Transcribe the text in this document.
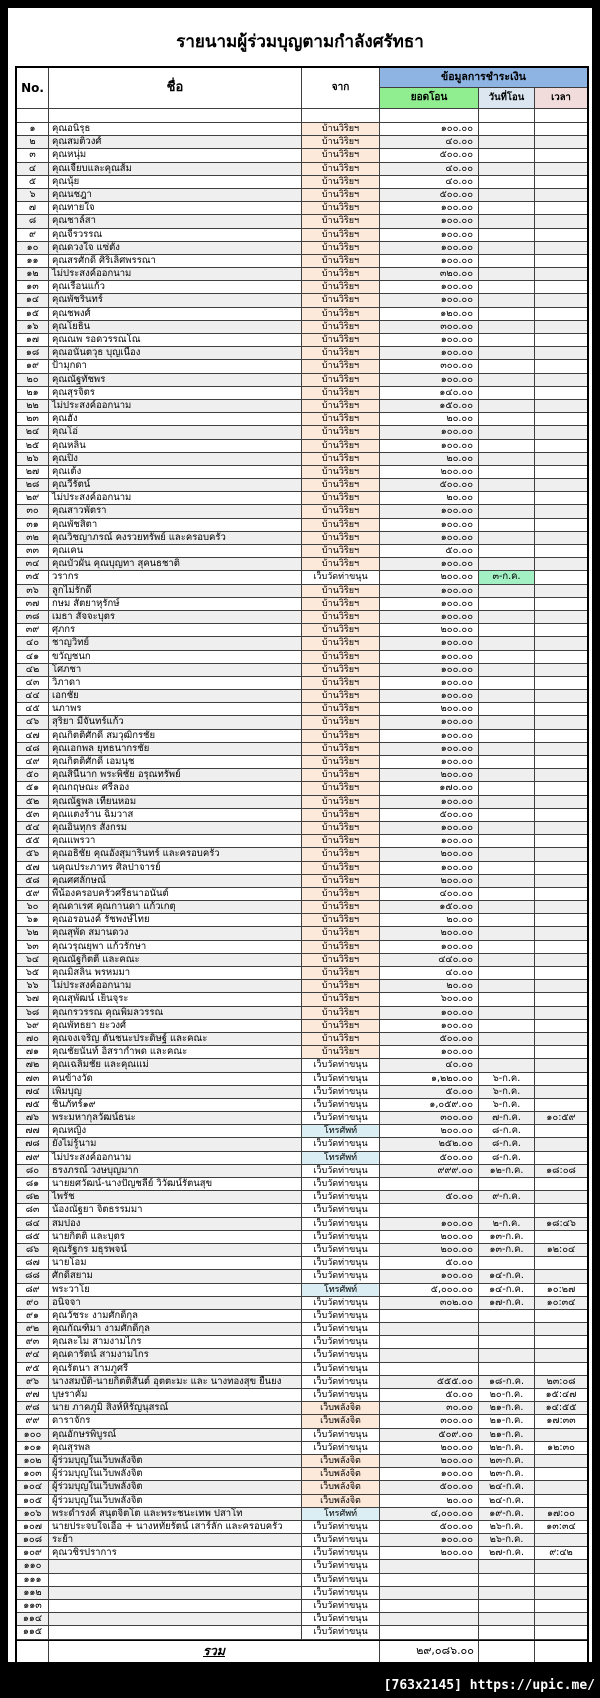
รายนามผู้ร่วมบุญตามกำลังศรัทธา
No.	ชื่อ	จาก
ข้อมูลการชำระเงิน
ยอดโอน	วันที่โอน	เวลา
๑	คุณอนิรุธ	บ้านวิริยฯ	๑๐๐.๐๐
๒	คุณสมติ๋วงศ์	บ้านวิริยฯ	๔๐.๐๐
๓	คุณหนุ่ม	บ้านวิริยฯ	๕๐๐.๐๐
๔	คุณเจี๊ยบและคุณส้ม	บ้านวิริยฯ	๔๐.๐๐
๕	คุณนุ้ย	บ้านวิริยฯ	๔๐.๐๐
๖	คุณนชฎา	บ้านวิริยฯ	๕๐๐.๐๐
๗	คุณทายใจ	บ้านวิริยฯ	๑๐๐.๐๐
๘	คุณชาล์สา	บ้านวิริยฯ	๑๐๐.๐๐
๙	คุณจีรวรรณ	บ้านวิริยฯ	๑๐๐.๐๐
๑๐	คุณดวงใจ แซ่ตั้ง	บ้านวิริยฯ	๑๐๐.๐๐
๑๑	คุณสรศักดิ์ ศิริเลิศพรรณา	บ้านวิริยฯ	๑๐๐.๐๐
๑๒	ไม่ประสงค์ออกนาม	บ้านวิริยฯ	๓๒๐.๐๐
๑๓	คุณเรือนแก้ว	บ้านวิริยฯ	๑๐๐.๐๐
๑๔	คุณพัชรินทร์	บ้านวิริยฯ	๑๐๐.๐๐
๑๕	คุณชพงศ์	บ้านวิริยฯ	๑๒๐.๐๐
๑๖	คุณโยธิน	บ้านวิริยฯ	๓๐๐.๐๐
๑๗	คุณณพ รอดวรรณโณ	บ้านวิริยฯ	๑๐๐.๐๐
๑๘	คุณอนันตวุธ บุญเนื่อง	บ้านวิริยฯ	๑๐๐.๐๐
๑๙	ป้ามุกดา	บ้านวิริยฯ	๓๐๐.๐๐
๒๐	คุณณัฐทัชพร	บ้านวิริยฯ	๑๐๐.๐๐
๒๑	คุณสุรจิตร	บ้านวิริยฯ	๑๔๐.๐๐
๒๒	ไม่ประสงค์ออกนาม	บ้านวิริยฯ	๑๕๐.๐๐
๒๓	คุณฮั้ง	บ้านวิริยฯ	๒๐.๐๐
๒๔	คุณโอ่	บ้านวิริยฯ	๑๐๐.๐๐
๒๕	คุณหลิน	บ้านวิริยฯ	๑๐๐.๐๐
๒๖	คุณปิ้ง	บ้านวิริยฯ	๒๐.๐๐
๒๗	คุณเต้ง	บ้านวิริยฯ	๒๐๐.๐๐
๒๘	คุณวีรัตน์	บ้านวิริยฯ	๕๐๐.๐๐
๒๙	ไม่ประสงค์ออกนาม	บ้านวิริยฯ	๒๐.๐๐
๓๐	คุณสาวพัตรา	บ้านวิริยฯ	๑๐๐.๐๐
๓๑	คุณพัชสิตา	บ้านวิริยฯ	๑๐๐.๐๐
๓๒	คุณวิชญาภรณ์ คงรวยทรัพย์ และครอบครัว	บ้านวิริยฯ	๑๐๐.๐๐
๓๓	คุณเคน	บ้านวิริยฯ	๕๐.๐๐
๓๔	คุณบัวผัน คุณบุญทา สุคนธชาติ	บ้านวิริยฯ	๑๐๐.๐๐
๓๕	วรากร	เว็บวัดท่าขนุน	๒๐๐.๐๐	๓-ก.ค.
๓๖	ลูกไม่รักดี	บ้านวิริยฯ	๑๐๐.๐๐
๓๗	กษม สัตยาหุรักษ์	บ้านวิริยฯ	๑๐๐.๐๐
๓๘	เมธา สัจจะบุตร	บ้านวิริยฯ	๑๐๐.๐๐
๓๙	ศุภกร	บ้านวิริยฯ	๒๐๐.๐๐
๔๐	ชาญวิทย์	บ้านวิริยฯ	๑๐๐.๐๐
๔๑	ขวัญชนก	บ้านวิริยฯ	๑๐๐.๐๐
๔๒	โศภชา	บ้านวิริยฯ	๑๐๐.๐๐
๔๓	วิภาดา	บ้านวิริยฯ	๑๐๐.๐๐
๔๔	เอกชัย	บ้านวิริยฯ	๑๐๐.๐๐
๔๕	นภาพร	บ้านวิริยฯ	๒๐๐.๐๐
๔๖	สุริยา มีจันทร์แก้ว	บ้านวิริยฯ	๑๐๐.๐๐
๔๗	คุณกิตติศักดิ์ สมวุฒิกรชัย	บ้านวิริยฯ	๑๐๐.๐๐
๔๘	คุณเอกพล ยุทธนากรชัย	บ้านวิริยฯ	๑๐๐.๐๐
๔๙	คุณกิตติศักดิ์ เอมนุช	บ้านวิริยฯ	๑๐๐.๐๐
๕๐	คุณสินีนาก พระพิชัย อรุณทรัพย์	บ้านวิริยฯ	๒๐๐.๐๐
๕๑	คุณกฤษณะ ศรีลอง	บ้านวิริยฯ	๑๗๐.๐๐
๕๒	คุณณัฐพล เทียนหอม	บ้านวิริยฯ	๑๐๐.๐๐
๕๓	คุณแตงร้าน ฉิมวาส	บ้านวิริยฯ	๕๐๐.๐๐
๕๔	คุณอินทุกร สังกรม	บ้านวิริยฯ	๑๐๐.๐๐
๕๕	คุณแพรวา	บ้านวิริยฯ	๑๐๐.๐๐
๕๖	คุณอธิชัย คุณอังสุมารินทร์ และครอบครัว	บ้านวิริยฯ	๒๐๐.๐๐
๕๗	นคุณประภาทร ศิลปาจารย์	บ้านวิริยฯ	๑๐๐.๐๐
๕๘	คุณศศลักษณ์	บ้านวิริยฯ	๒๐๐.๐๐
๕๙	พี่น้องครอบครัวศรีธนาอนันต์	บ้านวิริยฯ	๔๐๐.๐๐
๖๐	คุณดาเรศ คุณกานดา แก้วเกตุ	บ้านวิริยฯ	๑๕๐.๐๐
๖๑	คุณอรอนงค์ รัชพงษ์ไทย	บ้านวิริยฯ	๒๐.๐๐
๖๒	คุณสุพัด สมานดวง	บ้านวิริยฯ	๒๐๐.๐๐
๖๓	คุณวรุณยุพา แก้วรักษา	บ้านวิริยฯ	๑๐๐.๐๐
๖๔	คุณณัฐกิตติ์ และคณะ	บ้านวิริยฯ	๔๔๐.๐๐
๖๕	คุณมิสลิน พรหมมา	บ้านวิริยฯ	๔๐.๐๐
๖๖	ไม่ประสงค์ออกนาม	บ้านวิริยฯ	๒๐.๐๐
๖๗	คุณสุพัฒน์ เย็นจุระ	บ้านวิริยฯ	๖๐๐.๐๐
๖๘	คุณกรวรรณ คุณพิมลวรรณ	บ้านวิริยฯ	๑๐๐.๐๐
๖๙	คุณพัทธยา ยะวงศ์	บ้านวิริยฯ	๑๐๐.๐๐
๗๐	คุณจงเจริญ ตันชนะประดิษฐ์ และคณะ	บ้านวิริยฯ	๕๐๐.๐๐
๗๑	คุณชัยนันท์ อิสรากำพด และคณะ	บ้านวิริยฯ	๑๐๐.๐๐
๗๒	คุณเฉลิมชัย และคุณแม่	เว็บวัดท่าขนุน	๔๐.๐๐
๗๓	คนข้างวัด	เว็บวัดท่าขนุน	๑,๒๒๐.๐๐	๖-ก.ค.
๗๔	เพิ่มบุญ	เว็บวัดท่าขนุน	๕๐.๐๐	๖-ก.ค.
๗๕	ชิ้นภัทร์๑๙	เว็บวัดท่าขนุน	๑,๐๕๙.๐๐	๖-ก.ค.
๗๖	พระมหากุลวัฒน์ธนะ	เว็บวัดท่าขนุน	๓๐๐.๐๐	๗-ก.ค.	๑๐:๕๙
๗๗	คุณหญิง	โทรศัพท์	๒๐๐.๐๐	๘-ก.ค.
๗๘	ยังไม่รู้นาม	เว็บวัดท่าขนุน	๒๕๒.๐๐	๘-ก.ค.
๗๙	ไม่ประสงค์ออกนาม	โทรศัพท์	๕๐๐.๐๐	๘-ก.ค.
๘๐	ธรงภรณ์ วงษบุญมาก	เว็บวัดท่าขนุน	๙๙๙.๐๐	๑๒-ก.ค.	๑๘:๐๘
๘๑	นายยศวัฒน์-นางปัญชลีย์ วิวัฒน์รัตนสุข	เว็บวัดท่าขนุน
๘๒	ไพรัช	เว็บวัดท่าขนุน	๕๐.๐๐	๙-ก.ค.
๘๓	น้องณัฐยา จิตธรรมมา	เว็บวัดท่าขนุน
๘๔	สมปอง	เว็บวัดท่าขนุน	๑๐๐.๐๐	๒-ก.ค.	๑๘:๔๖
๘๕	นายกิตติ และบุตร	เว็บวัดท่าขนุน	๒๐๐.๐๐	๑๓-ก.ค.
๘๖	คุณรัฐกร มธุรพจน์	เว็บวัดท่าขนุน	๒๐๐.๐๐	๑๓-ก.ค.	๑๒:๐๔
๘๗	นายโอม	เว็บวัดท่าขนุน	๕๐.๐๐
๘๘	ศักดิ์สยาม	เว็บวัดท่าขนุน	๑๐๐.๐๐	๑๔-ก.ค.
๘๙	พระวาโย	โทรศัพท์	๕,๐๐๐.๐๐	๑๔-ก.ค.	๑๐:๒๗
๙๐	อนิจจา	เว็บวัดท่าขนุน	๓๐๒.๐๐	๑๗-ก.ค.	๑๐:๓๔
๙๑	คุณวัชระ งามศักดิ์กุล	เว็บวัดท่าขนุน
๙๒	คุณกัณฑิมา งามศักดิ์กุล	เว็บวัดท่าขนุน
๙๓	คุณละไม สามงามไกร	เว็บวัดท่าขนุน
๙๔	คุณดารัตน์ สามงามไกร	เว็บวัดท่าขนุน
๙๕	คุณรัตนา สามภูศรี	เว็บวัดท่าขนุน
๙๖	นางสมบัติ-นายกิตติสันต์ อุตตะมะ และ นางทองสุข ยืนยง	เว็บวัดท่าขนุน	๕๕๕.๐๐	๑๘-ก.ค.	๒๓:๐๘
๙๗	บุษราคัม	เว็บวัดท่าขนุน	๕๐.๐๐	๒๐-ก.ค.	๑๕:๔๗
๙๘	นาย ภาคภูมิ สิงห์หิรัญนุสรณ์	เว็บพลังจิต	๓๐.๐๐	๒๑-ก.ค.	๑๔:๕๕
๙๙	ดาราจักร	เว็บพลังจิต	๓๐๐.๐๐	๒๑-ก.ค.	๑๗:๓๓
๑๐๐	คุณอักษรพิบูรณ์	เว็บวัดท่าขนุน	๕๐๙.๐๐	๒๑-ก.ค.
๑๐๑	คุณสุรพล	เว็บวัดท่าขนุน	๒๐๐.๐๐	๒๒-ก.ค.	๑๒:๓๐
๑๐๒	ผู้ร่วมบุญในเว็บพลังจิต	เว็บพลังจิต	๒๐๐.๐๐	๒๓-ก.ค.
๑๐๓	ผู้ร่วมบุญในเว็บพลังจิต	เว็บพลังจิต	๑๐๐.๐๐	๒๓-ก.ค.
๑๐๔	ผู้ร่วมบุญในเว็บพลังจิต	เว็บพลังจิต	๕๐๐.๐๐	๒๔-ก.ค.
๑๐๕	ผู้ร่วมบุญในเว็บพลังจิต	เว็บพลังจิต	๒๐.๐๐	๒๔-ก.ค.
๑๐๖	พระดำรงค์ สนุตจิตโต และพระชนะเทพ ปสาโท	โทรศัพท์	๔,๐๐๐.๐๐	๑๙-ก.ค.	๑๗:๐๐
๑๐๗	นายประจบใจเอื้อ + นางหทัยรัตน์ เสาร์ลัก และครอบครัว	เว็บวัดท่าขนุน	๕๐๐.๐๐	๒๖-ก.ค.	๑๓:๓๔
๑๐๘	ระย้า	เว็บวัดท่าขนุน	๑๐๐.๐๐	๒๖-ก.ค.
๑๐๙	คุณวชิรปราการ	เว็บวัดท่าขนุน	๒๐๐.๐๐	๒๗-ก.ค.	๙:๔๒
๑๑๐	เว็บวัดท่าขนุน
๑๑๑	เว็บวัดท่าขนุน
๑๑๒	เว็บวัดท่าขนุน
๑๑๓	เว็บวัดท่าขนุน
๑๑๔	เว็บวัดท่าขนุน
๑๑๕	เว็บวัดท่าขนุน
รวม	๒๙,๐๘๖.๐๐
[763x2145] https://upic.me/
